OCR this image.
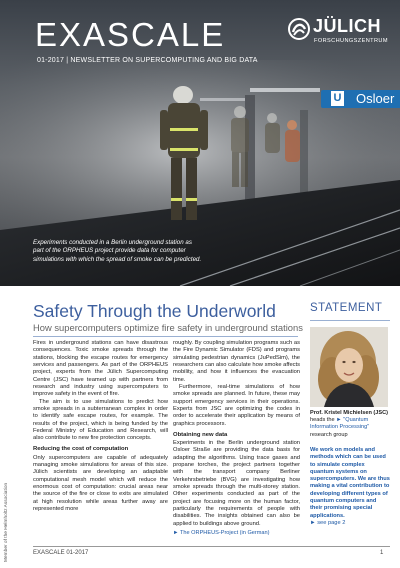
U Osloer
EXASCALE
01-2017 | NEWSLETTER ON SUPERCOMPUTING AND BIG DATA
JÜLICH
FORSCHUNGSZENTRUM
Experiments conducted in a Berlin underground station as part of the ORPHEUS project provide data for computer simulations with which the spread of smoke can be predicted.
Member of the Helmholtz Association
Safety Through the Underworld
How supercomputers optimize fire safety in underground stations

Fires in underground stations can have disastrous consequences. Toxic smoke spreads through the stations, blocking the escape routes for emergency services and passengers. As part of the ORPHEUS project, experts from the Jülich Supercomputing Centre (JSC) have teamed up with partners from research and industry using supercomputers to improve safety in the event of fire.

The aim is to use simulations to predict how smoke spreads in a subterranean complex in order to identify safe escape routes, for example. The results of the project, which is being funded by the Federal Ministry of Education and Research, will also contribute to new fire protection concepts.

Reducing the cost of computation

Only supercomputers are capable of adequately managing smoke simulations for areas of this size. Jülich scientists are developing an adaptable computational mesh model which will reduce the enormous cost of computation: crucial areas near the source of the fire or close to exits are simulated at high resolution while areas further away are represented more

roughly. By coupling simulation programs such as the Fire Dynamic Simulator (FDS) and programs simulating pedestrian dynamics (JuPedSim), the researchers can also calculate how smoke affects mobility, and how it influences the evacuation time.

Furthermore, real-time simulations of how smoke spreads are planned. In future, these may support emergency services in their operations. Experts from JSC are optimizing the codes in order to accelerate their application by means of graphics processors.

Obtaining new data

Experiments in the Berlin underground station Osloer Straße are providing the data basis for adapting the algorithms. Using trace gases and propane torches, the project partners together with the transport company Berliner Verkehrsbetriebe (BVG) are investigating how smoke spreads through the multi-storey station. Other experiments conducted as part of the project are focusing more on the human factor, particularly the requirements of people with disabilities. The insights obtained can also be applied to buildings above ground.

► The ORPHEUS-Project (in German)
STATEMENT
Prof. Kristel Michielsen (JSC)
heads the ► "Quantum Information Processing" research group
We work on models and methods which can be used to simulate complex quantum systems on supercomputers. We are thus making a vital contribution to developing different types of quantum computers and their promising special applications.
► see page 2
EXASCALE 01-2017	1
